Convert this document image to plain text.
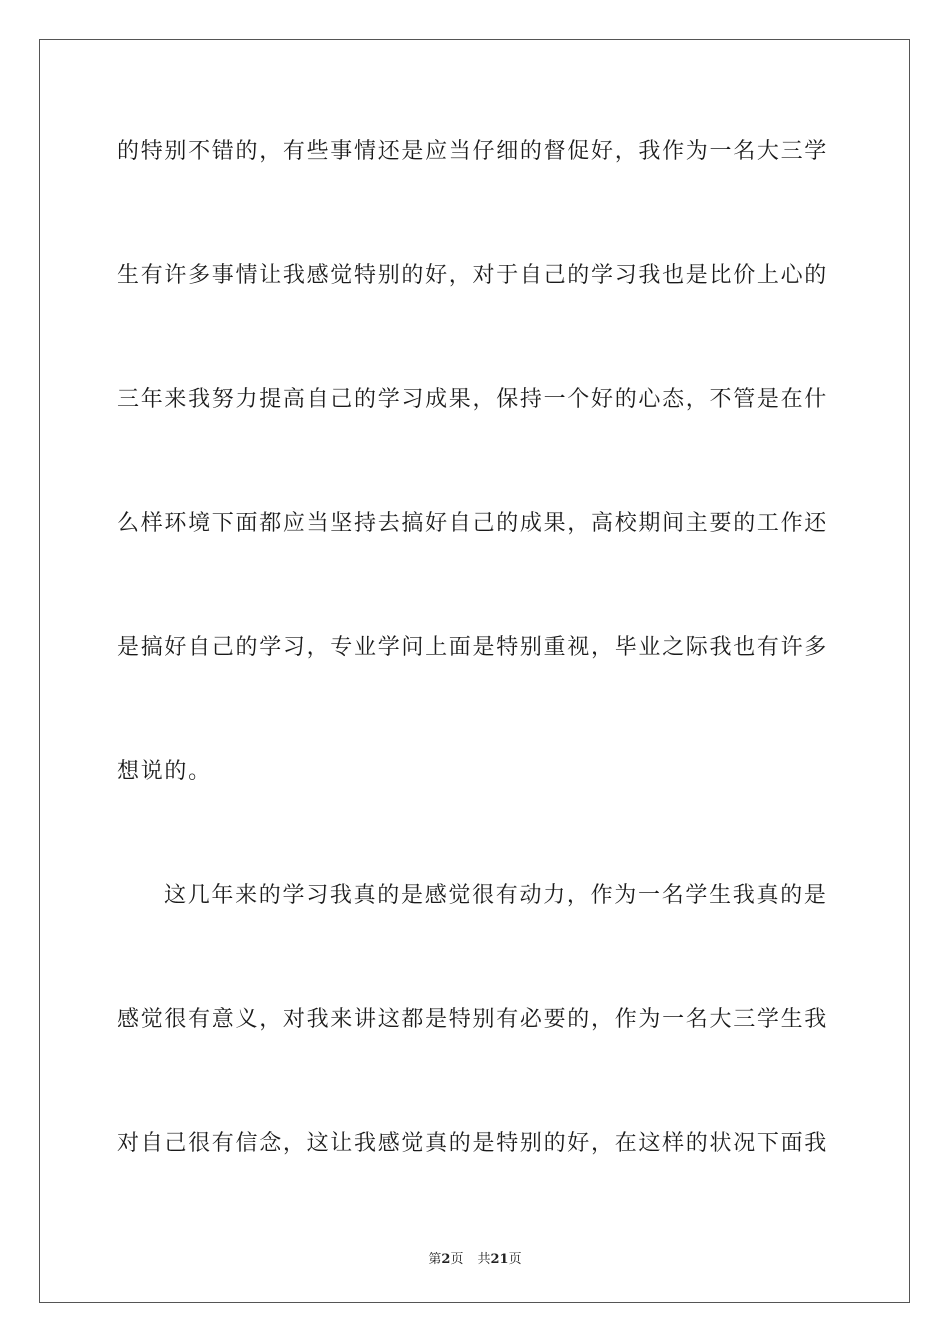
的特别不错的，有些事情还是应当仔细的督促好，我作为一名大三学
生有许多事情让我感觉特别的好，对于自己的学习我也是比价上心的
三年来我努力提高自己的学习成果，保持一个好的心态，不管是在什
么样环境下面都应当坚持去搞好自己的成果，高校期间主要的工作还
是搞好自己的学习，专业学问上面是特别重视，毕业之际我也有许多
想说的。
这几年来的学习我真的是感觉很有动力，作为一名学生我真的是
感觉很有意义，对我来讲这都是特别有必要的，作为一名大三学生我
对自己很有信念，这让我感觉真的是特别的好，在这样的状况下面我
第2页 共21页
